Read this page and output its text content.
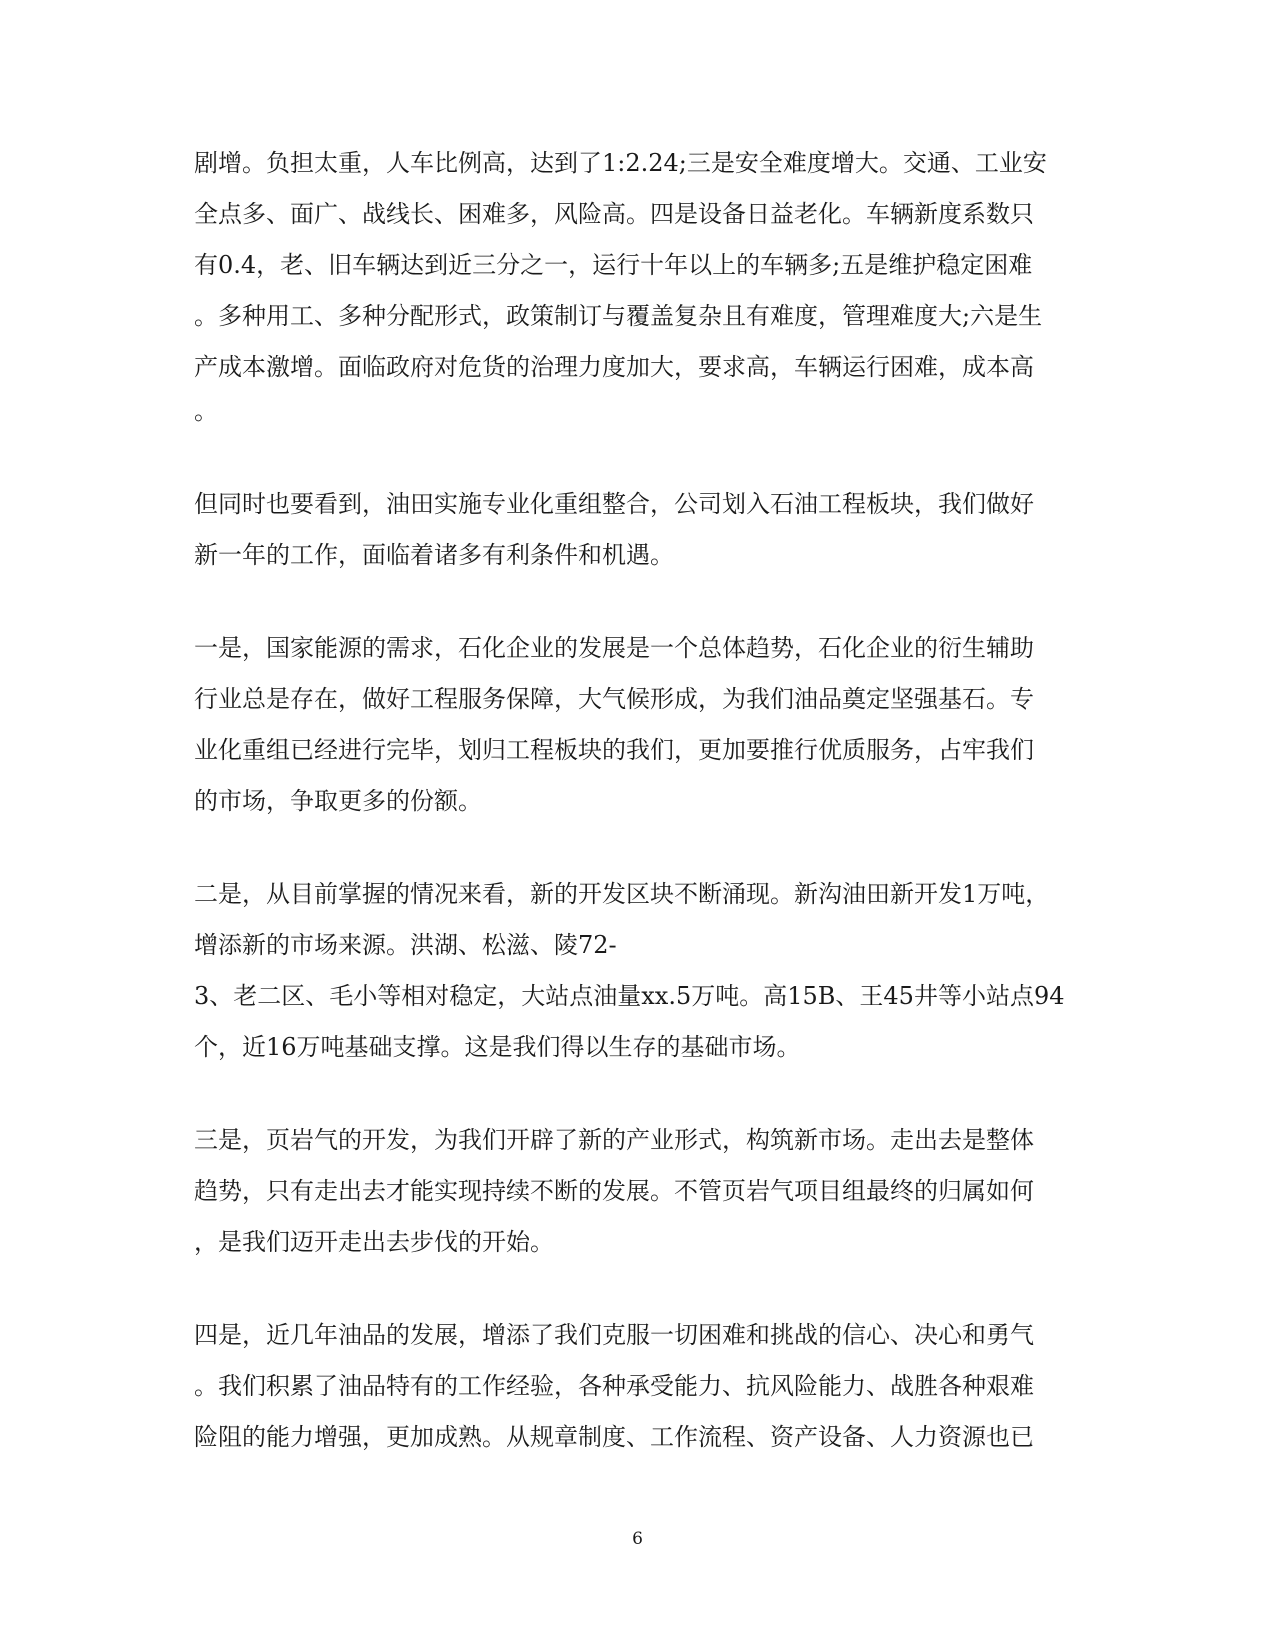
剧增。负担太重，人车比例高，达到了1:2.24;三是安全难度增大。交通、工业安
全点多、面广、战线长、困难多，风险高。四是设备日益老化。车辆新度系数只
有0.4，老、旧车辆达到近三分之一，运行十年以上的车辆多;五是维护稳定困难
。多种用工、多种分配形式，政策制订与覆盖复杂且有难度，管理难度大;六是生
产成本激增。面临政府对危货的治理力度加大，要求高，车辆运行困难，成本高
。
但同时也要看到，油田实施专业化重组整合，公司划入石油工程板块，我们做好
新一年的工作，面临着诸多有利条件和机遇。
一是，国家能源的需求，石化企业的发展是一个总体趋势，石化企业的衍生辅助
行业总是存在，做好工程服务保障，大气候形成，为我们油品奠定坚强基石。专
业化重组已经进行完毕，划归工程板块的我们，更加要推行优质服务，占牢我们
的市场，争取更多的份额。
二是，从目前掌握的情况来看，新的开发区块不断涌现。新沟油田新开发1万吨，
增添新的市场来源。洪湖、松滋、陵72-
3、老二区、毛小等相对稳定，大站点油量xx.5万吨。高15B、王45井等小站点94
个，近16万吨基础支撑。这是我们得以生存的基础市场。
三是，页岩气的开发，为我们开辟了新的产业形式，构筑新市场。走出去是整体
趋势，只有走出去才能实现持续不断的发展。不管页岩气项目组最终的归属如何
，是我们迈开走出去步伐的开始。
四是，近几年油品的发展，增添了我们克服一切困难和挑战的信心、决心和勇气
。我们积累了油品特有的工作经验，各种承受能力、抗风险能力、战胜各种艰难
险阻的能力增强，更加成熟。从规章制度、工作流程、资产设备、人力资源也已
6
